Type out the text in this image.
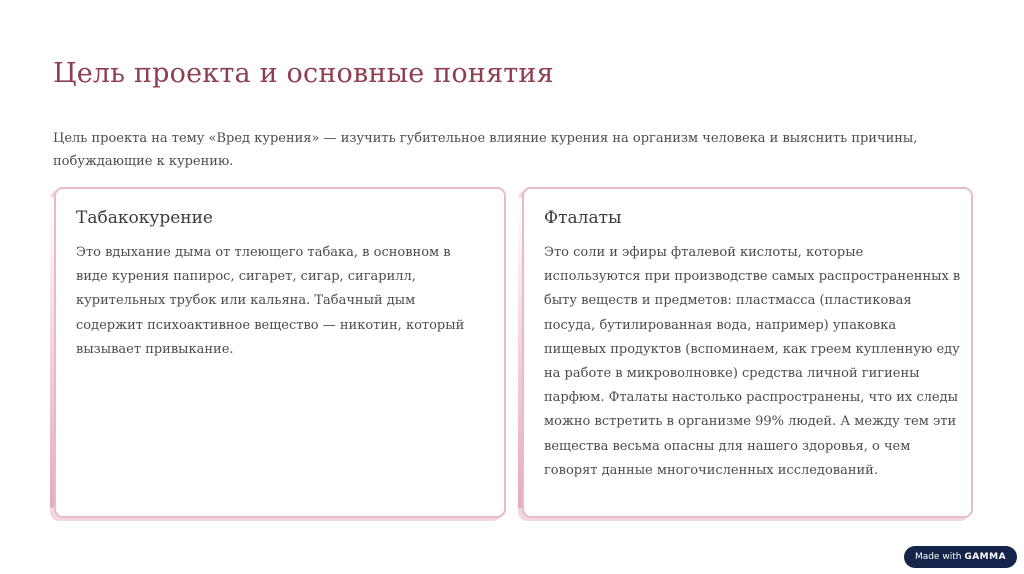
Цель проекта и основные понятия

Цель проекта на тему «Вред курения» — изучить губительное влияние курения на организм человека и выяснить причины, побуждающие к курению.

Табакокурение
Это вдыхание дыма от тлеющего табака, в основном в виде курения папирос, сигарет, сигар, сигарилл, курительных трубок или кальяна. Табачный дым содержит психоактивное вещество — никотин, который вызывает привыкание.
Фталаты
Это соли и эфиры фталевой кислоты, которые используются при производстве самых распространенных в быту веществ и предметов: пластмасса (пластиковая посуда, бутилированная вода, например) упаковка пищевых продуктов (вспоминаем, как греем купленную еду на работе в микроволновке) средства личной гигиены парфюм. Фталаты настолько распространены, что их следы можно встретить в организме 99% людей. А между тем эти вещества весьма опасны для нашего здоровья, о чем говорят данные многочисленных исследований.
Made with GAMMA
